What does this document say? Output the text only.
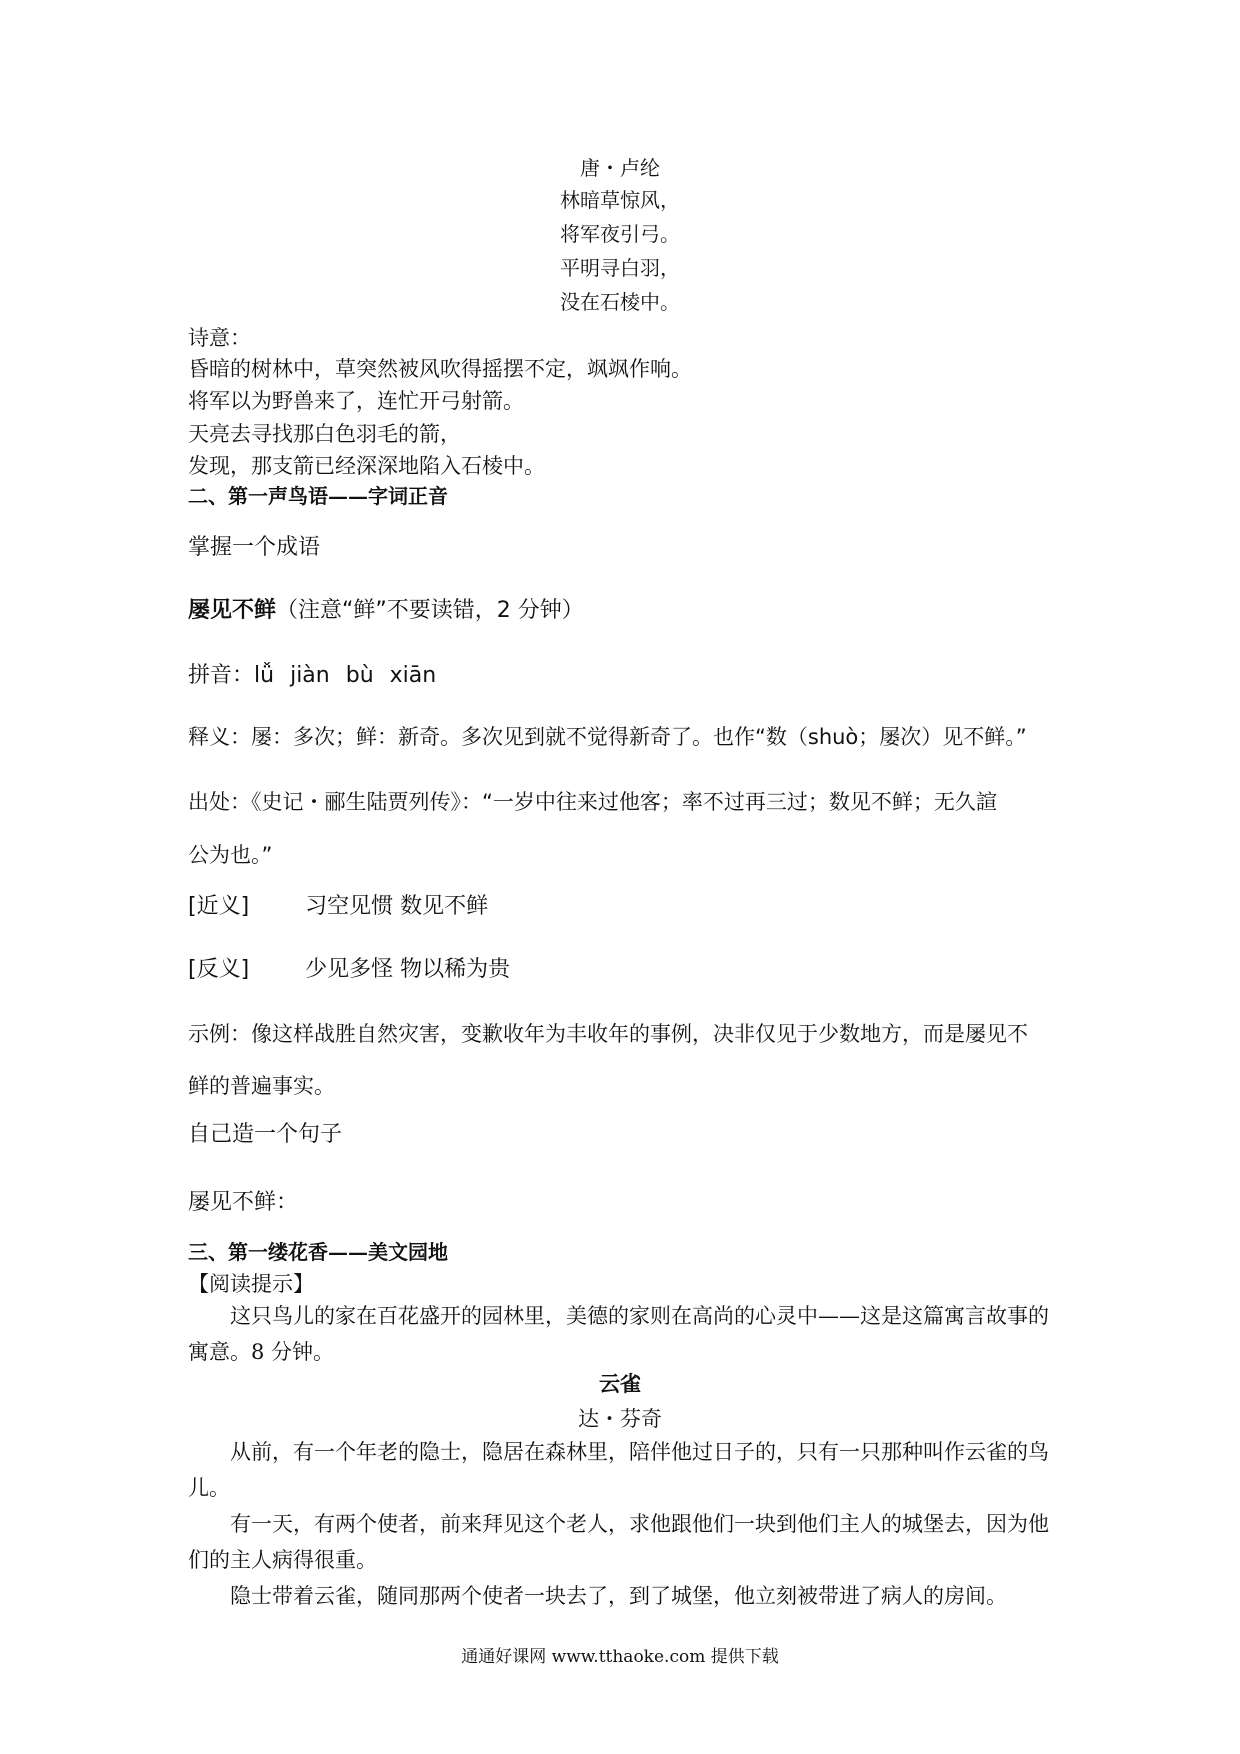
唐・卢纶
林暗草惊风，
将军夜引弓。
平明寻白羽，
没在石棱中。
诗意：
昏暗的树林中，草突然被风吹得摇摆不定，飒飒作响。
将军以为野兽来了，连忙开弓射箭。
天亮去寻找那白色羽毛的箭，
发现，那支箭已经深深地陷入石棱中。
二、第一声鸟语——字词正音
掌握一个成语
屡见不鲜（注意“鲜”不要读错，2 分钟）
拼音：lǚ jiàn bù xiān
释义：屡：多次；鲜：新奇。多次见到就不觉得新奇了。也作“数（shuò；屡次）见不鲜。”
出处：《史记・郦生陆贾列传》：“一岁中往来过他客；率不过再三过；数见不鲜；无久諠
公为也。”
[近义]	习空见惯 数见不鲜
[反义]	少见多怪 物以稀为贵
示例：像这样战胜自然灾害，变歉收年为丰收年的事例，决非仅见于少数地方，而是屡见不
鲜的普遍事实。
自己造一个句子
屡见不鲜：
三、第一缕花香——美文园地
【阅读提示】
这只鸟儿的家在百花盛开的园林里，美德的家则在高尚的心灵中——这是这篇寓言故事的寓意。8 分钟。
云雀
达・芬奇
从前，有一个年老的隐士，隐居在森林里，陪伴他过日子的，只有一只那种叫作云雀的鸟儿。
有一天，有两个使者，前来拜见这个老人，求他跟他们一块到他们主人的城堡去，因为他们的主人病得很重。
隐士带着云雀，随同那两个使者一块去了，到了城堡，他立刻被带进了病人的房间。
通通好课网 www.tthaoke.com 提供下载
